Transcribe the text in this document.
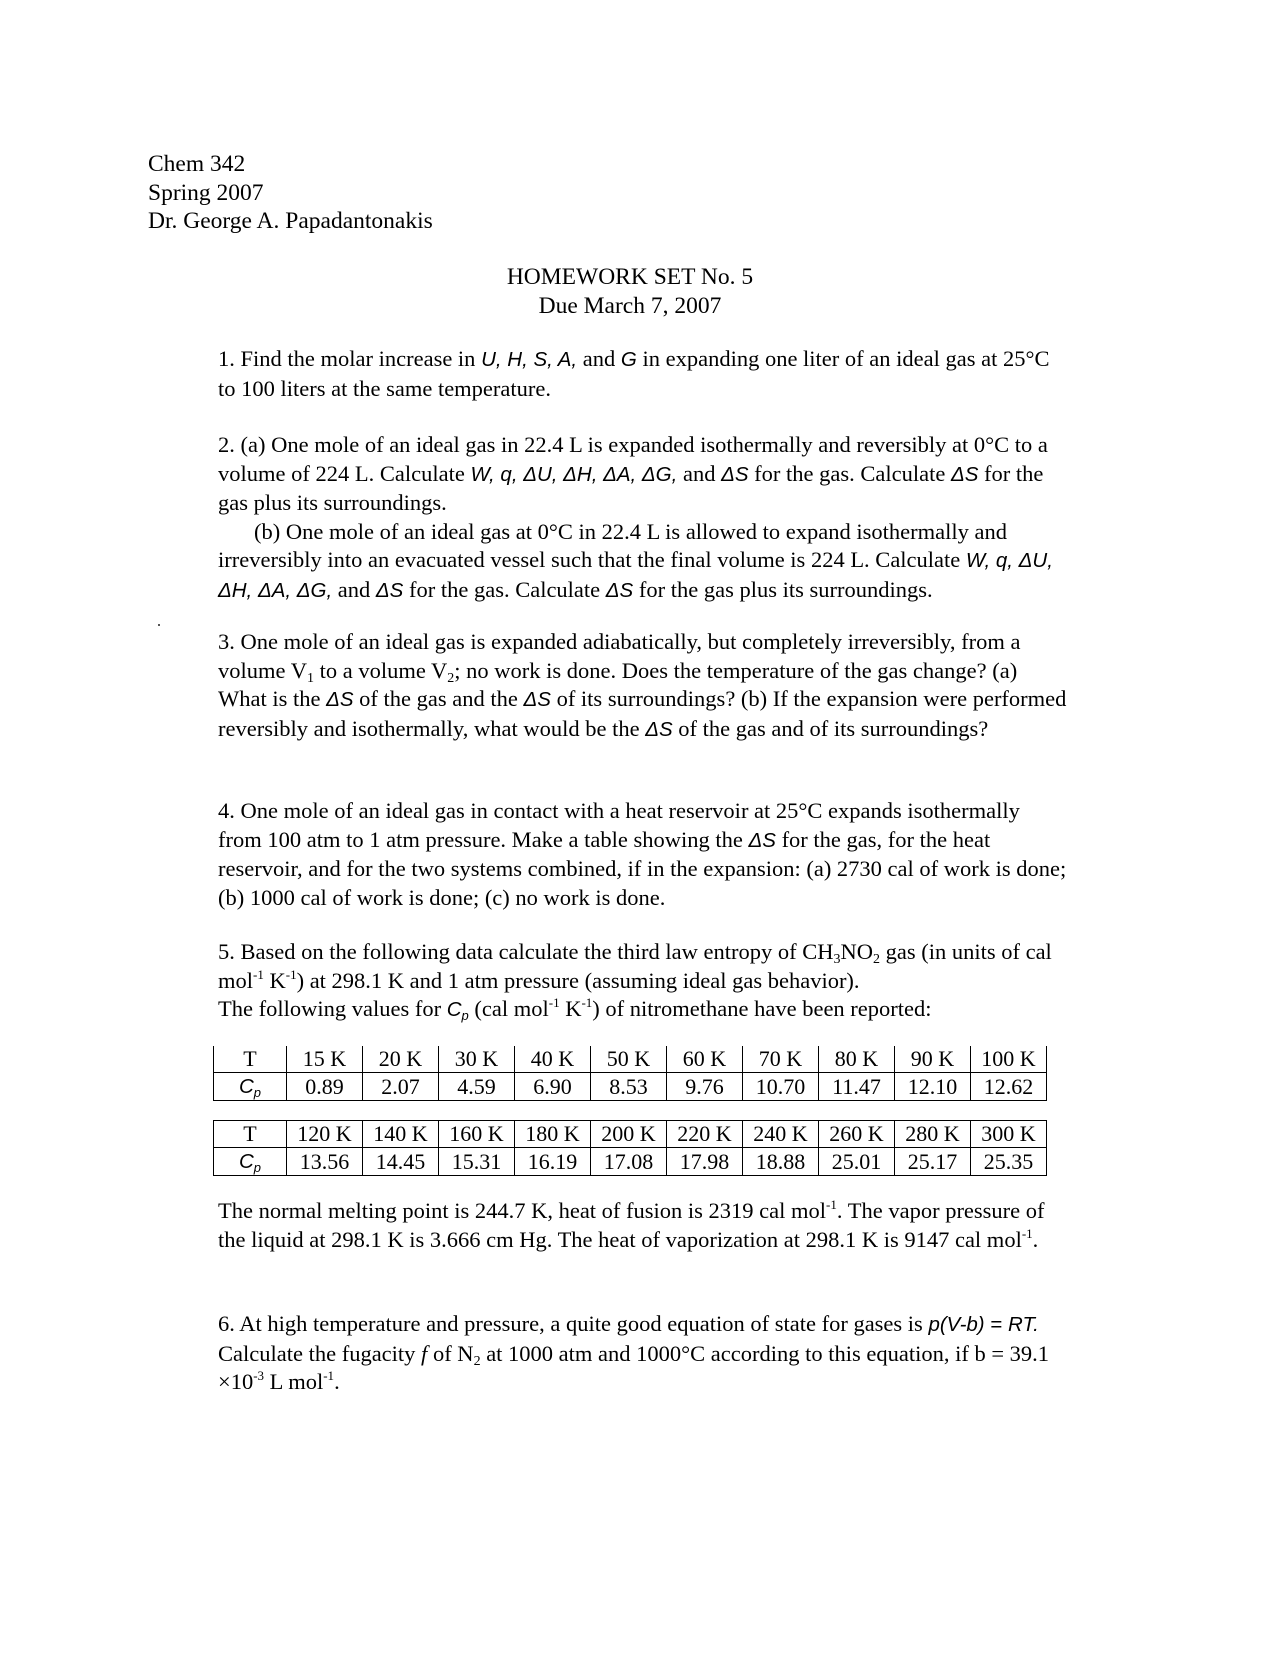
Chem 342
Spring 2007
Dr. George A. Papadantonakis
HOMEWORK SET No. 5
Due March 7, 2007

1. Find the molar increase in U, H, S, A, and G in expanding one liter of an ideal gas at 25°C to 100 liters at the same temperature.

2. (a) One mole of an ideal gas in 22.4 L is expanded isothermally and reversibly at 0°C to a volume of 224 L. Calculate W, q, ΔU, ΔH, ΔA, ΔG, and ΔS for the gas. Calculate ΔS for the gas plus its surroundings.

(b) One mole of an ideal gas at 0°C in 22.4 L is allowed to expand isothermally and irreversibly into an evacuated vessel such that the final volume is 224 L. Calculate W, q, ΔU, ΔH, ΔA, ΔG, and ΔS for the gas. Calculate ΔS for the gas plus its surroundings.

3. One mole of an ideal gas is expanded adiabatically, but completely irreversibly, from a volume $V_1$ to a volume $V_2$; no work is done. Does the temperature of the gas change? (a) What is the ΔS of the gas and the ΔS of its surroundings? (b) If the expansion were performed reversibly and isothermally, what would be the ΔS of the gas and of its surroundings?

4. One mole of an ideal gas in contact with a heat reservoir at 25°C expands isothermally from 100 atm to 1 atm pressure. Make a table showing the ΔS for the gas, for the heat reservoir, and for the two systems combined, if in the expansion: (a) 2730 cal of work is done; (b) 1000 cal of work is done; (c) no work is done.

5. Based on the following data calculate the third law entropy of $CH_3NO_2$ gas (in units of cal mol$^{-1}$ $K^{-1}$) at 298.1 K and 1 atm pressure (assuming ideal gas behavior).

The following values for $C_p$ (cal mol$^{-1}$ $K^{-1}$) of nitromethane have been reported:

T	15 K	20 K	30 K	40 K	50 K	60 K	70 K	80 K	90 K	100 K
$C_p$	0.89	2.07	4.59	6.90	8.53	9.76	10.70	11.47	12.10	12.62
T	120 K	140 K	160 K	180 K	200 K	220 K	240 K	260 K	280 K	300 K
$C_p$	13.56	14.45	15.31	16.19	17.08	17.98	18.88	25.01	25.17	25.35

The normal melting point is 244.7 K, heat of fusion is 2319 cal mol$^{-1}$. The vapor pressure of the liquid at 298.1 K is 3.666 cm Hg. The heat of vaporization at 298.1 K is 9147 cal mol$^{-1}$.

6. At high temperature and pressure, a quite good equation of state for gases is p(V-b) = RT. Calculate the fugacity f of $N_2$ at 1000 atm and 1000°C according to this equation, if $b = 39.1 \times 10^{-3}$ L mol$^{-1}$.
